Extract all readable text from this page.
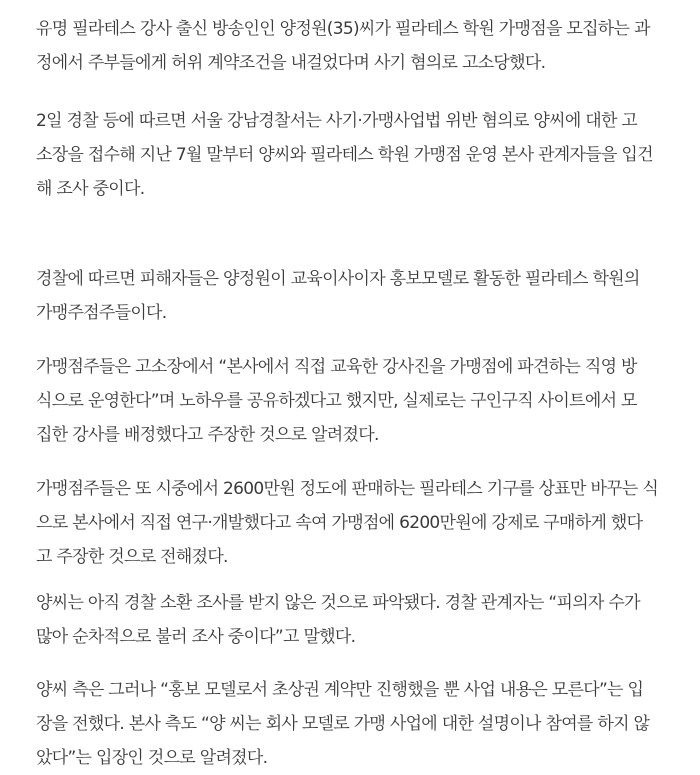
유명 필라테스 강사 출신 방송인인 양정원(35)씨가 필라테스 학원 가맹점을 모집하는 과
정에서 주부들에게 허위 계약조건을 내걸었다며 사기 혐의로 고소당했다.

2일 경찰 등에 따르면 서울 강남경찰서는 사기·가맹사업법 위반 혐의로 양씨에 대한 고
소장을 접수해 지난 7월 말부터 양씨와 필라테스 학원 가맹점 운영 본사 관계자들을 입건
해 조사 중이다.

경찰에 따르면 피해자들은 양정원이 교육이사이자 홍보모델로 활동한 필라테스 학원의
가맹주점주들이다.

가맹점주들은 고소장에서 “본사에서 직접 교육한 강사진을 가맹점에 파견하는 직영 방
식으로 운영한다”며 노하우를 공유하겠다고 했지만, 실제로는 구인구직 사이트에서 모
집한 강사를 배정했다고 주장한 것으로 알려졌다.

가맹점주들은 또 시중에서 2600만원 정도에 판매하는 필라테스 기구를 상표만 바꾸는 식
으로 본사에서 직접 연구·개발했다고 속여 가맹점에 6200만원에 강제로 구매하게 했다
고 주장한 것으로 전해졌다.

양씨는 아직 경찰 소환 조사를 받지 않은 것으로 파악됐다. 경찰 관계자는 “피의자 수가
많아 순차적으로 불러 조사 중이다”고 말했다.

양씨 측은 그러나 “홍보 모델로서 초상권 계약만 진행했을 뿐 사업 내용은 모른다”는 입
장을 전했다. 본사 측도 “양 씨는 회사 모델로 가맹 사업에 대한 설명이나 참여를 하지 않
았다”는 입장인 것으로 알려졌다.
